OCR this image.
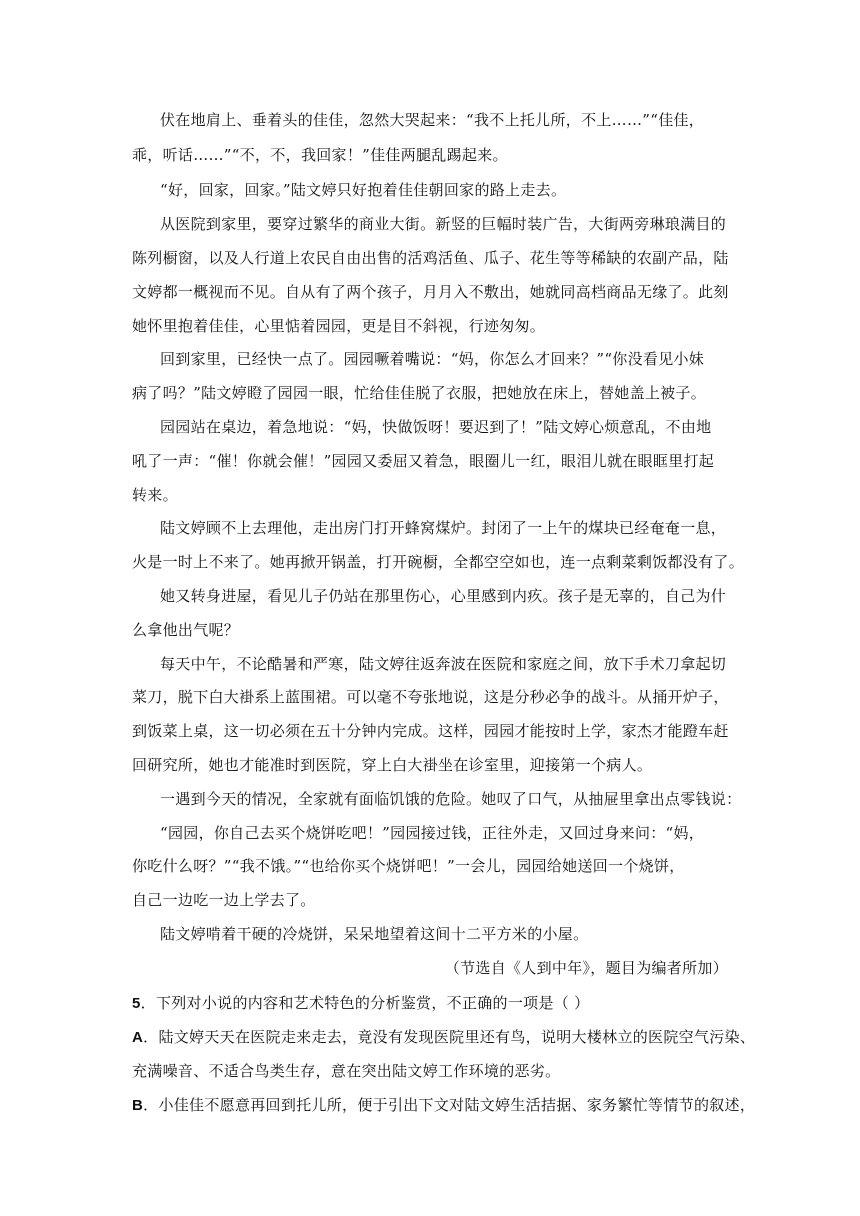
伏在地肩上、垂着头的佳佳，忽然大哭起来：“我不上托儿所，不上……”“佳佳，
乖，听话……”“不，不，我回家！”佳佳两腿乱踢起来。
“好，回家，回家。”陆文婷只好抱着佳佳朝回家的路上走去。
从医院到家里，要穿过繁华的商业大街。新竖的巨幅时装广告，大街两旁琳琅满目的
陈列橱窗，以及人行道上农民自由出售的活鸡活鱼、瓜子、花生等等稀缺的农副产品，陆
文婷都一概视而不见。自从有了两个孩子，月月入不敷出，她就同高档商品无缘了。此刻
她怀里抱着佳佳，心里惦着园园，更是目不斜视，行迹匆匆。
回到家里，已经快一点了。园园噘着嘴说：“妈，你怎么才回来？”“你没看见小妹
病了吗？”陆文婷瞪了园园一眼，忙给佳佳脱了衣服，把她放在床上，替她盖上被子。
园园站在桌边，着急地说：“妈，快做饭呀！要迟到了！”陆文婷心烦意乱，不由地
吼了一声：“催！你就会催！”园园又委屈又着急，眼圈儿一红，眼泪儿就在眼眶里打起
转来。
陆文婷顾不上去理他，走出房门打开蜂窝煤炉。封闭了一上午的煤块已经奄奄一息，
火是一时上不来了。她再掀开锅盖，打开碗橱，全都空空如也，连一点剩菜剩饭都没有了。
她又转身进屋，看见儿子仍站在那里伤心，心里感到内疚。孩子是无辜的，自己为什
么拿他出气呢？
每天中午，不论酷暑和严寒，陆文婷往返奔波在医院和家庭之间，放下手术刀拿起切
菜刀，脱下白大褂系上蓝围裙。可以毫不夸张地说，这是分秒必争的战斗。从捅开炉子，
到饭菜上桌，这一切必须在五十分钟内完成。这样，园园才能按时上学，家杰才能蹬车赶
回研究所，她也才能准时到医院，穿上白大褂坐在诊室里，迎接第一个病人。
一遇到今天的情况，全家就有面临饥饿的危险。她叹了口气，从抽屉里拿出点零钱说：
“园园，你自己去买个烧饼吃吧！”园园接过钱，正往外走，又回过身来问：“妈，
你吃什么呀？”“我不饿。”“也给你买个烧饼吧！”一会儿，园园给她送回一个烧饼，
自己一边吃一边上学去了。
陆文婷啃着干硬的冷烧饼，呆呆地望着这间十二平方米的小屋。
（节选自《人到中年》，题目为编者所加）
5．下列对小说的内容和艺术特色的分析鉴赏，不正确的一项是（ ）
A．陆文婷天天在医院走来走去，竟没有发现医院里还有鸟，说明大楼林立的医院空气污染、
充满噪音、不适合鸟类生存，意在突出陆文婷工作环境的恶劣。
B．小佳佳不愿意再回到托儿所，便于引出下文对陆文婷生活拮据、家务繁忙等情节的叙述，
